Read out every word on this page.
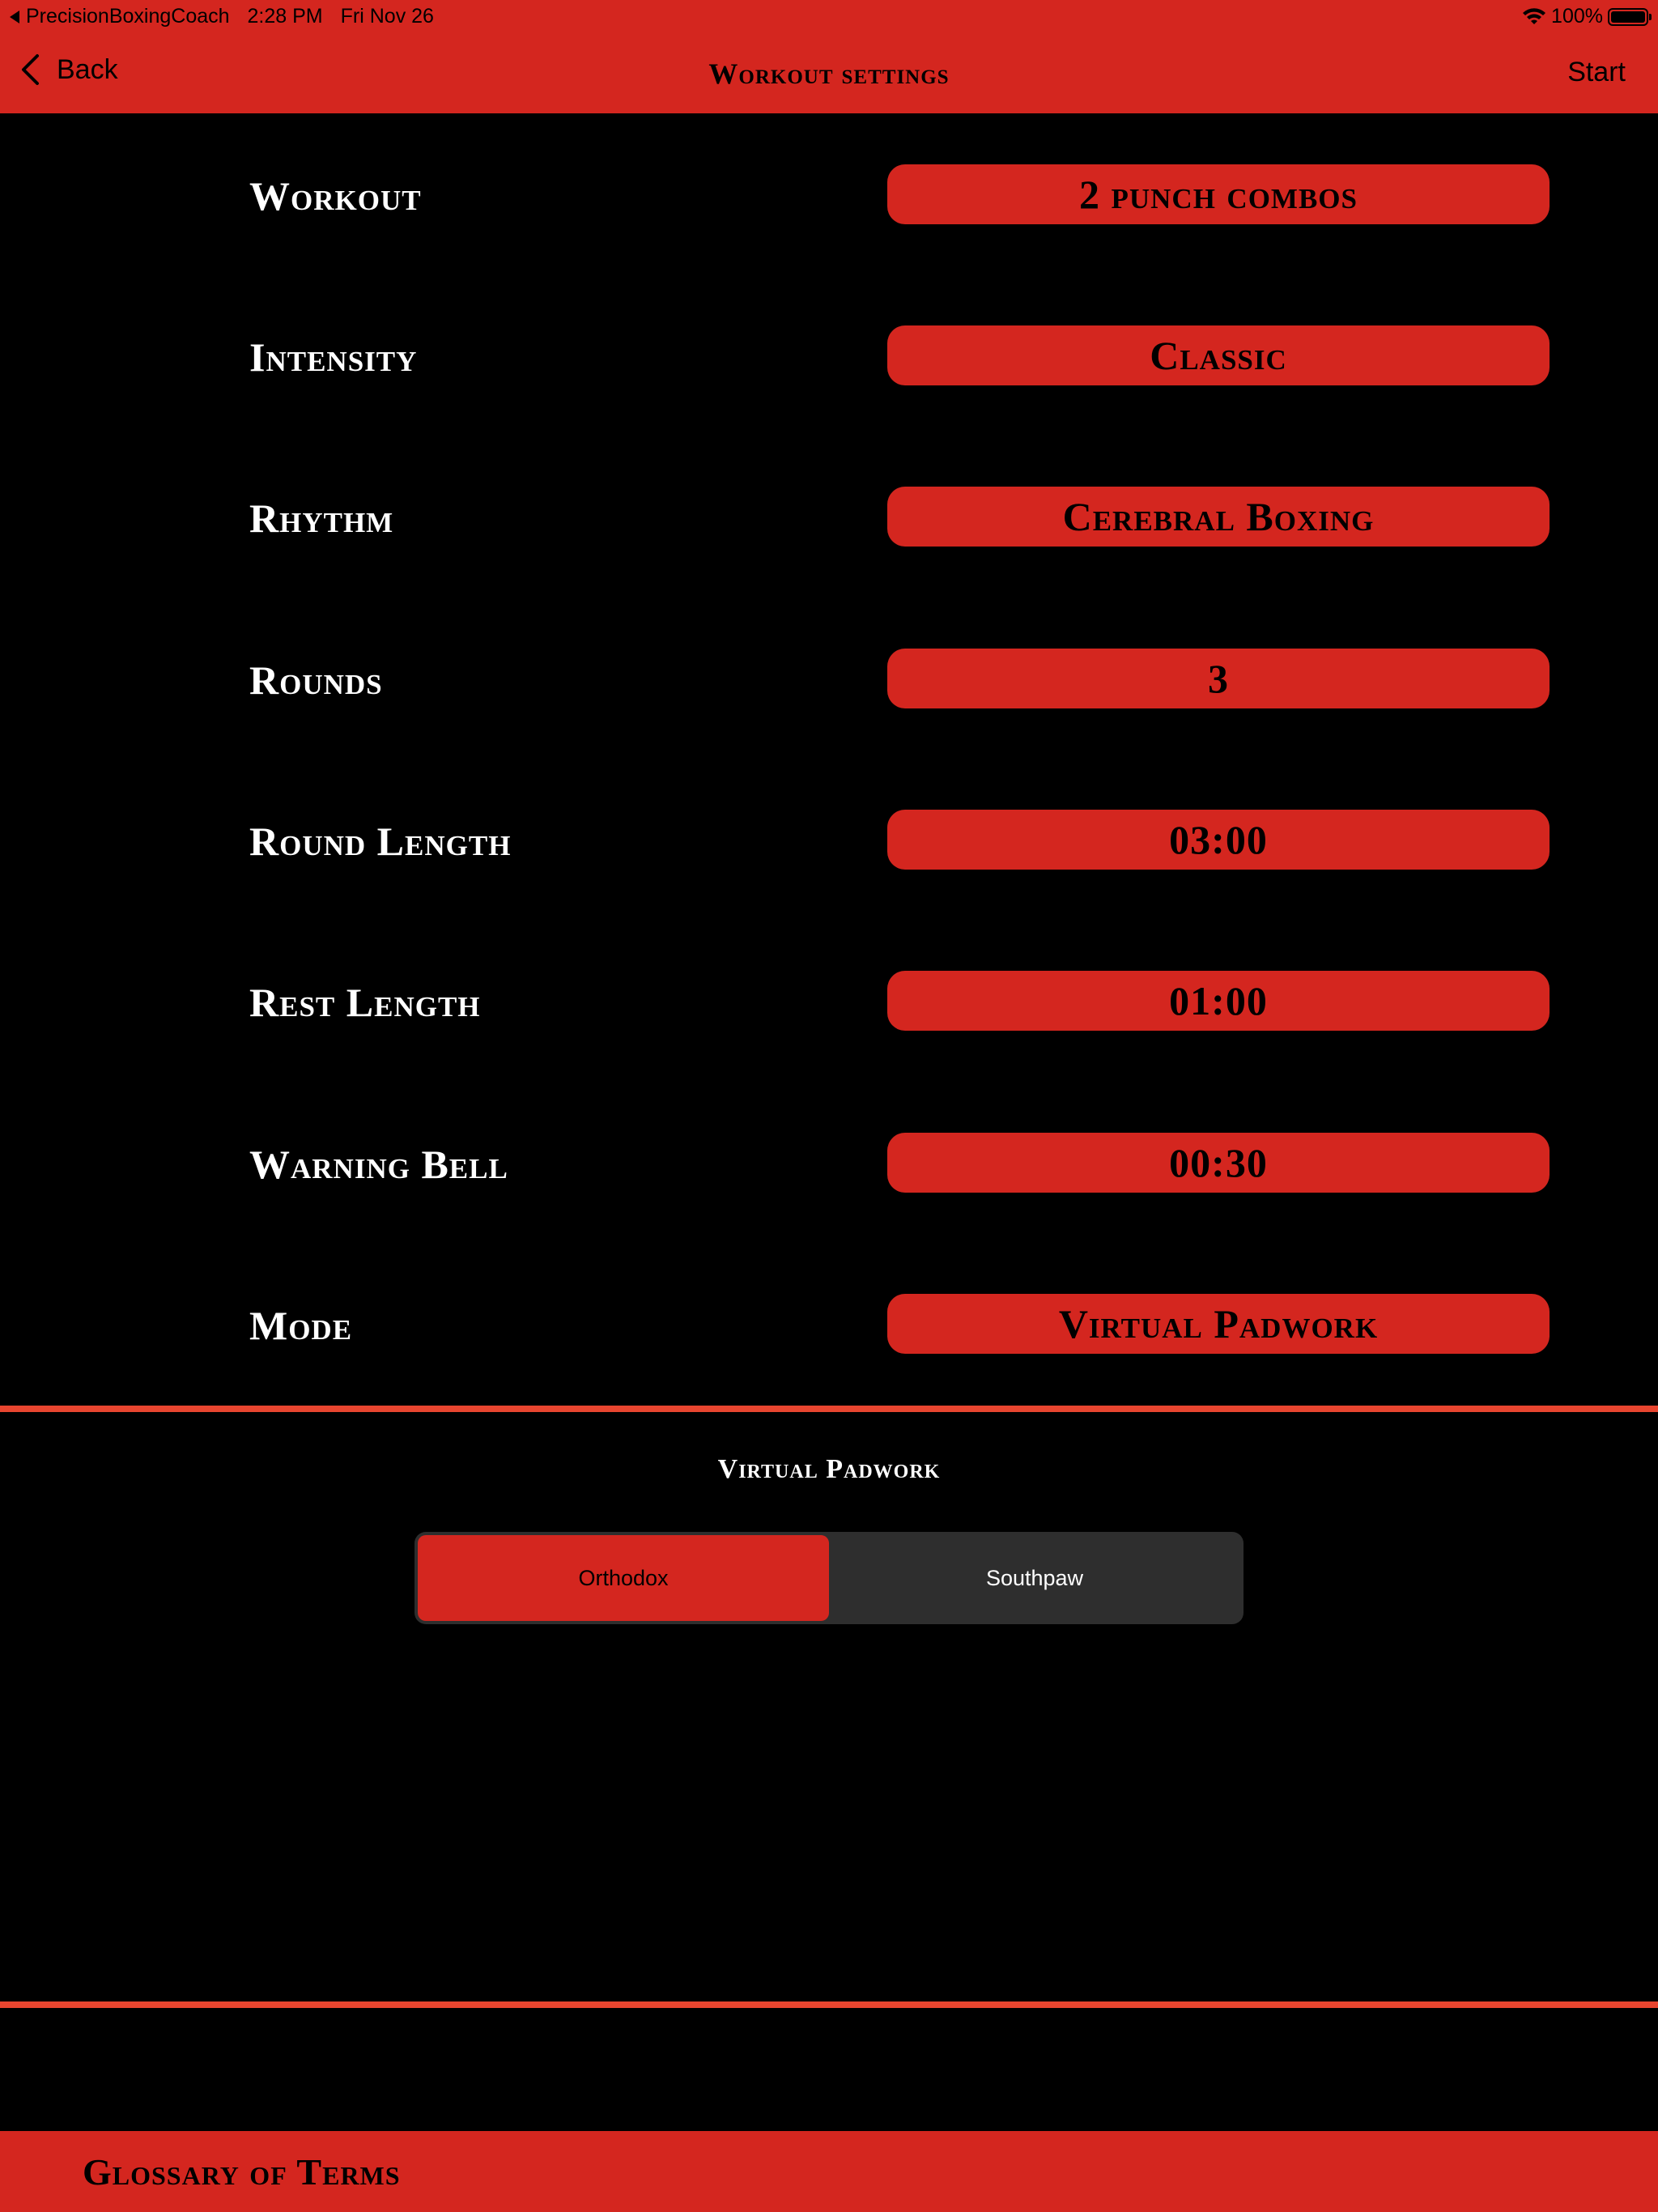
PrecisionBoxingCoach 2:28 PM Fri Nov 26	100%
Back	Workout settings	Start
Workout	2 punch combos
Intensity	Classic
Rhythm	Cerebral Boxing
Rounds	3
Round Length	03:00
Rest Length	01:00
Warning Bell	00:30
Mode	Virtual Padwork
Virtual Padwork
Orthodox	Southpaw
Glossary of Terms
